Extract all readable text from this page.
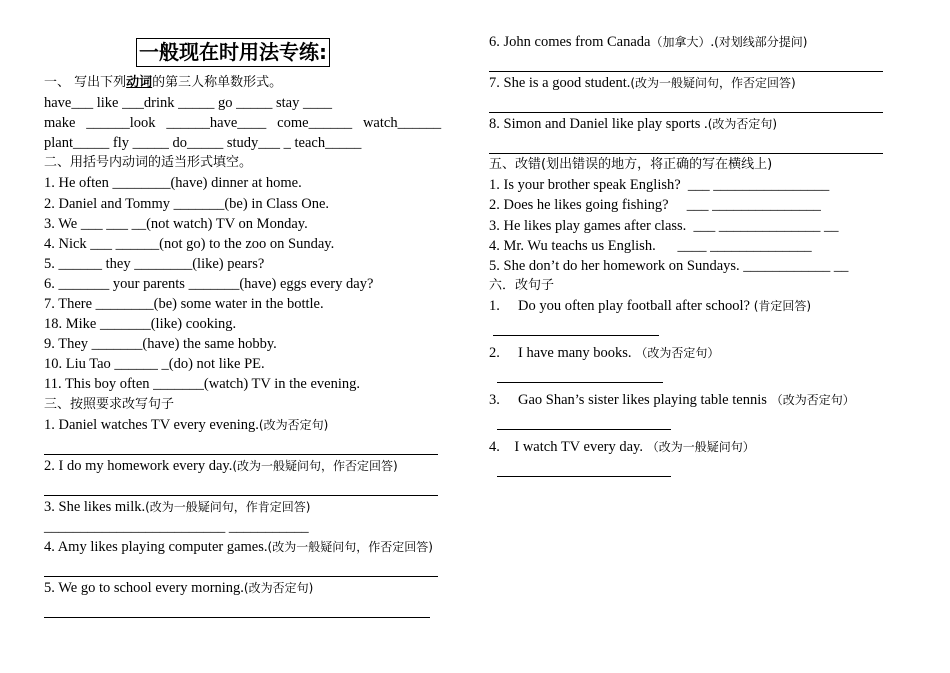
一般现在时用法专练:
一、 写出下列动词的第三人称单数形式。
have___ like ___drink _____ go _____ stay ____
make   ______look   ______have____   come______   watch______
plant_____ fly _____ do_____ study___ _ teach_____
二、用括号内动词的适当形式填空。
1. He often ________(have) dinner at home.
2. Daniel and Tommy _______(be) in Class One.
3. We ___ ___ __(not watch) TV on Monday.
4. Nick ___ ______(not go) to the zoo on Sunday.
5. ______ they ________(like) pears?
6. _______ your parents _______(have) eggs every day?
7. There ________(be) some water in the bottle.
18. Mike _______(like) cooking.
9. They _______(have) the same hobby.
10. Liu Tao ______ _(do) not like PE.
11. This boy often _______(watch) TV in the evening.
三、按照要求改写句子
1. Daniel watches TV every evening.(改为否定句)
2. I do my homework every day.(改为一般疑问句，作否定回答)
3. She likes milk.(改为一般疑问句，作肯定回答)
_________________________ ___________
4. Amy likes playing computer games.(改为一般疑问句，作否定回答)
5. We go to school every morning.(改为否定句)
6. John comes from Canada（加拿大）.(对划线部分提问)
7. She is a good student.(改为一般疑问句，作否定回答)
8. Simon and Daniel like play sports .(改为否定句)
五、改错(划出错误的地方，将正确的写在横线上)
1. Is your brother speak English?  ___ ________________
2. Does he likes going fishing?     ___ _______________
3. He likes play games after class.  ___ ______________ __
4. Mr. Wu teachs us English.      ____ ______________
5. She don’t do her homework on Sundays. ____________ __
六．改句子
1.     Do you often play football after school? (肯定回答)
2.     I have many books. （改为否定句）
3.     Gao Shan’s sister likes playing table tennis （改为否定句）
4.    I watch TV every day. （改为一般疑问句）
